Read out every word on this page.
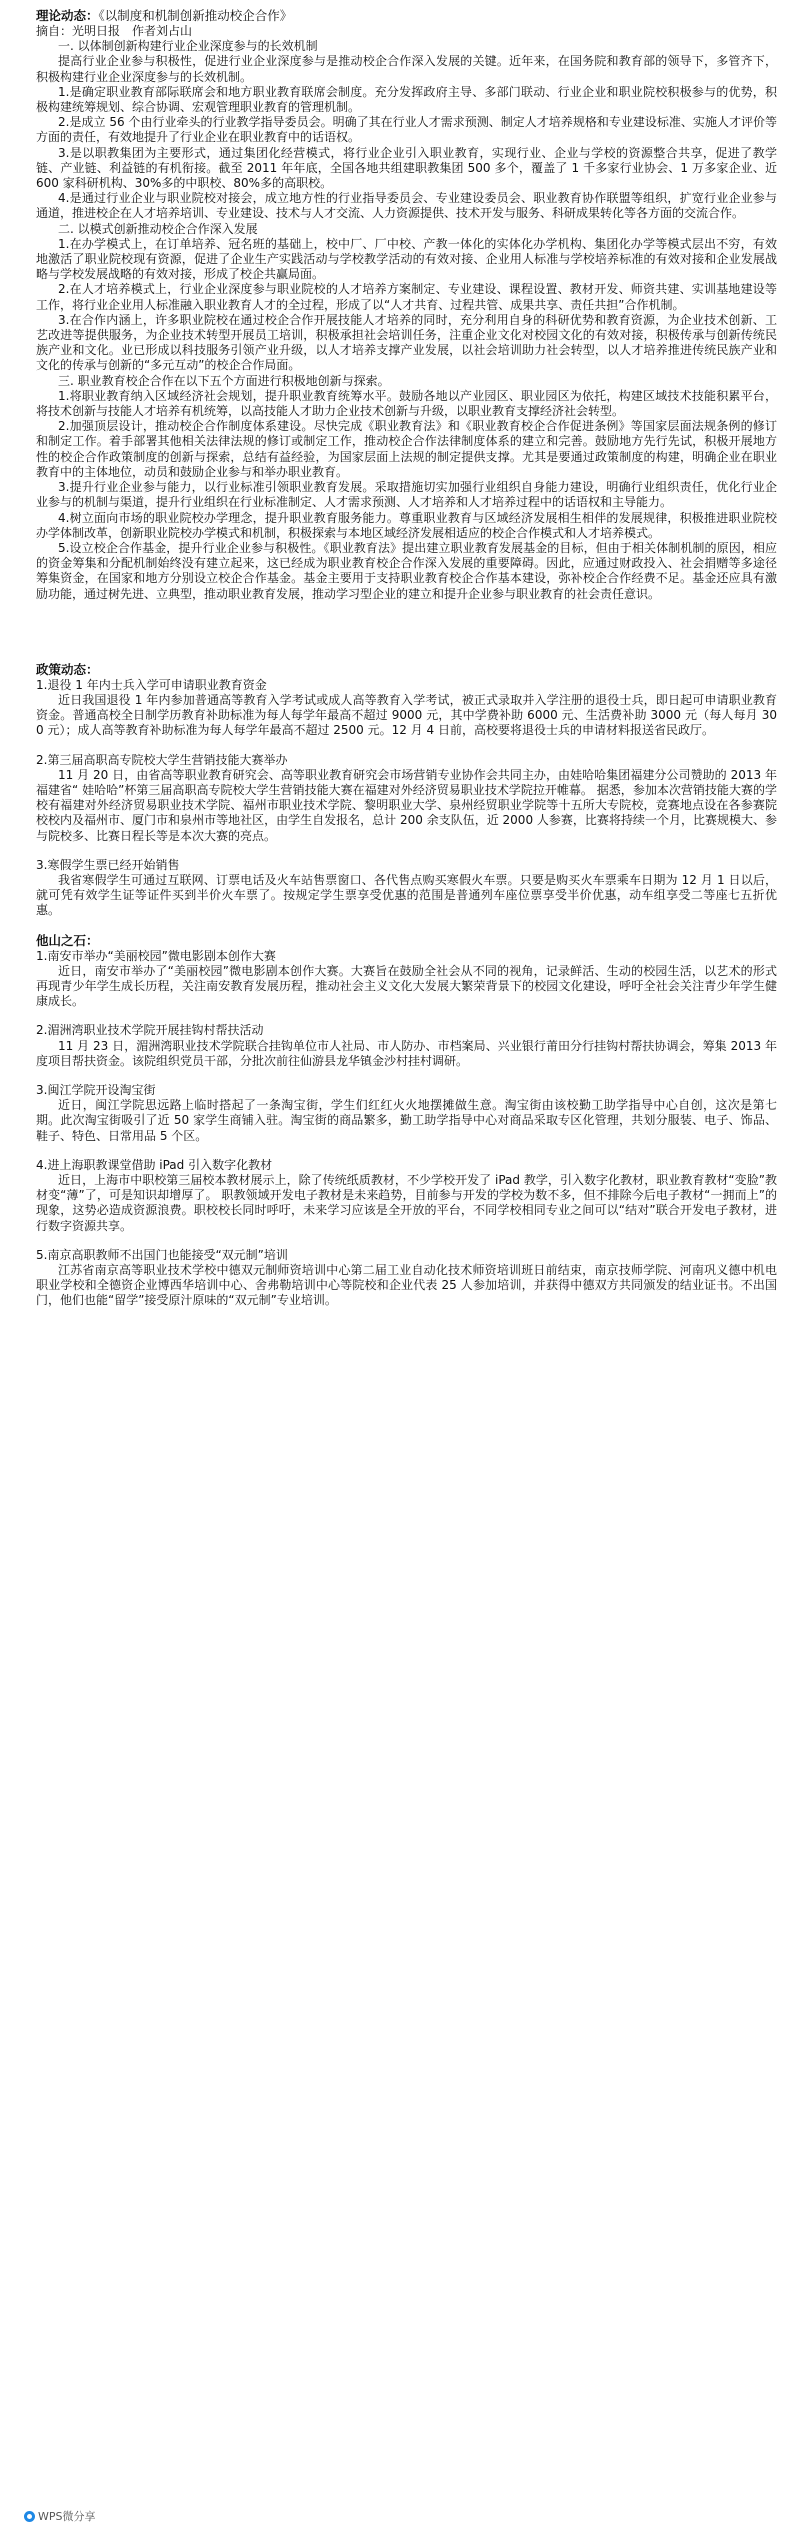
理论动态：《以制度和机制创新推动校企合作》

摘自：光明日报　作者刘占山

一. 以体制创新构建行业企业深度参与的长效机制

提高行业企业参与积极性，促进行业企业深度参与是推动校企合作深入发展的关键。近年来，在国务院和教育部的领导下，多管齐下，积极构建行业企业深度参与的长效机制。

1.是确定职业教育部际联席会和地方职业教育联席会制度。充分发挥政府主导、多部门联动、行业企业和职业院校积极参与的优势，积极构建统筹规划、综合协调、宏观管理职业教育的管理机制。

2.是成立 56 个由行业牵头的行业教学指导委员会。明确了其在行业人才需求预测、制定人才培养规格和专业建设标准、实施人才评价等方面的责任，有效地提升了行业企业在职业教育中的话语权。

3.是以职教集团为主要形式，通过集团化经营模式，将行业企业引入职业教育，实现行业、企业与学校的资源整合共享，促进了教学链、产业链、利益链的有机衔接。截至 2011 年年底，全国各地共组建职教集团 500 多个，覆盖了 1 千多家行业协会、1 万多家企业、近 600 家科研机构、30%多的中职校、80%多的高职校。

4.是通过行业企业与职业院校对接会，成立地方性的行业指导委员会、专业建设委员会、职业教育协作联盟等组织，扩宽行业企业参与通道，推进校企在人才培养培训、专业建设、技术与人才交流、人力资源提供、技术开发与服务、科研成果转化等各方面的交流合作。

二. 以模式创新推动校企合作深入发展

1.在办学模式上，在订单培养、冠名班的基础上，校中厂、厂中校、产教一体化的实体化办学机构、集团化办学等模式层出不穷，有效地激活了职业院校现有资源，促进了企业生产实践活动与学校教学活动的有效对接、企业用人标准与学校培养标准的有效对接和企业发展战略与学校发展战略的有效对接，形成了校企共赢局面。

2.在人才培养模式上，行业企业深度参与职业院校的人才培养方案制定、专业建设、课程设置、教材开发、师资共建、实训基地建设等工作，将行业企业用人标准融入职业教育人才的全过程，形成了以“人才共育、过程共管、成果共享、责任共担”合作机制。

3.在合作内涵上，许多职业院校在通过校企合作开展技能人才培养的同时，充分利用自身的科研优势和教育资源，为企业技术创新、工艺改进等提供服务，为企业技术转型开展员工培训，积极承担社会培训任务，注重企业文化对校园文化的有效对接，积极传承与创新传统民族产业和文化。业已形成以科技服务引领产业升级，以人才培养支撑产业发展，以社会培训助力社会转型，以人才培养推进传统民族产业和文化的传承与创新的“多元互动”的校企合作局面。

三. 职业教育校企合作在以下五个方面进行积极地创新与探索。

1.将职业教育纳入区域经济社会规划，提升职业教育统筹水平。鼓励各地以产业园区、职业园区为依托，构建区域技术技能积累平台，将技术创新与技能人才培养有机统筹，以高技能人才助力企业技术创新与升级，以职业教育支撑经济社会转型。

2.加强顶层设计，推动校企合作制度体系建设。尽快完成《职业教育法》和《职业教育校企合作促进条例》等国家层面法规条例的修订和制定工作。着手部署其他相关法律法规的修订或制定工作，推动校企合作法律制度体系的建立和完善。鼓励地方先行先试，积极开展地方性的校企合作政策制度的创新与探索，总结有益经验，为国家层面上法规的制定提供支撑。尤其是要通过政策制度的构建，明确企业在职业教育中的主体地位，动员和鼓励企业参与和举办职业教育。

3.提升行业企业参与能力，以行业标准引领职业教育发展。采取措施切实加强行业组织自身能力建设，明确行业组织责任，优化行业企业参与的机制与渠道，提升行业组织在行业标准制定、人才需求预测、人才培养和人才培养过程中的话语权和主导能力。

4.树立面向市场的职业院校办学理念，提升职业教育服务能力。尊重职业教育与区域经济发展相生相伴的发展规律，积极推进职业院校办学体制改革，创新职业院校办学模式和机制，积极探索与本地区域经济发展相适应的校企合作模式和人才培养模式。

5.设立校企合作基金，提升行业企业参与积极性。《职业教育法》提出建立职业教育发展基金的目标，但由于相关体制机制的原因，相应的资金筹集和分配机制始终没有建立起来，这已经成为职业教育校企合作深入发展的重要障碍。因此，应通过财政投入、社会捐赠等多途径筹集资金，在国家和地方分别设立校企合作基金。基金主要用于支持职业教育校企合作基本建设，弥补校企合作经费不足。基金还应具有激励功能，通过树先进、立典型，推动职业教育发展，推动学习型企业的建立和提升企业参与职业教育的社会责任意识。

政策动态：

1.退役 1 年内士兵入学可申请职业教育资金

近日我国退役 1 年内参加普通高等教育入学考试或成人高等教育入学考试，被正式录取并入学注册的退役士兵，即日起可申请职业教育资金。普通高校全日制学历教育补助标准为每人每学年最高不超过 9000 元，其中学费补助 6000 元、生活费补助 3000 元（每人每月 300 元）；成人高等教育补助标准为每人每学年最高不超过 2500 元。12 月 4 日前，高校要将退役士兵的申请材料报送省民政厅。

2.第三届高职高专院校大学生营销技能大赛举办

11 月 20 日，由省高等职业教育研究会、高等职业教育研究会市场营销专业协作会共同主办，由娃哈哈集团福建分公司赞助的 2013 年福建省“ 娃哈哈”杯第三届高职高专院校大学生营销技能大赛在福建对外经济贸易职业技术学院拉开帷幕。 据悉，参加本次营销技能大赛的学校有福建对外经济贸易职业技术学院、福州市职业技术学院、黎明职业大学、泉州经贸职业学院等十五所大专院校，竞赛地点设在各参赛院校校内及福州市、厦门市和泉州市等地社区，由学生自发报名，总计 200 余支队伍，近 2000 人参赛，比赛将持续一个月，比赛规模大、参与院校多、比赛日程长等是本次大赛的亮点。

3.寒假学生票已经开始销售

我省寒假学生可通过互联网、订票电话及火车站售票窗口、各代售点购买寒假火车票。只要是购买火车票乘车日期为 12 月 1 日以后，就可凭有效学生证等证件买到半价火车票了。按规定学生票享受优惠的范围是普通列车座位票享受半价优惠，动车组享受二等座七五折优惠。

他山之石：

1.南安市举办“美丽校园”微电影剧本创作大赛

近日，南安市举办了“美丽校园”微电影剧本创作大赛。大赛旨在鼓励全社会从不同的视角，记录鲜活、生动的校园生活，以艺术的形式再现青少年学生成长历程，关注南安教育发展历程，推动社会主义文化大发展大繁荣背景下的校园文化建设，呼吁全社会关注青少年学生健康成长。

2.湄洲湾职业技术学院开展挂钩村帮扶活动

11 月 23 日，湄洲湾职业技术学院联合挂钩单位市人社局、市人防办、市档案局、兴业银行莆田分行挂钩村帮扶协调会，筹集 2013 年度项目帮扶资金。该院组织党员干部，分批次前往仙游县龙华镇金沙村挂村调研。

3.闽江学院开设淘宝街

近日，闽江学院思远路上临时搭起了一条淘宝街，学生们红红火火地摆摊做生意。淘宝街由该校勤工助学指导中心自创，这次是第七期。此次淘宝街吸引了近 50 家学生商铺入驻。淘宝街的商品繁多，勤工助学指导中心对商品采取专区化管理，共划分服装、电子、饰品、鞋子、特色、日常用品 5 个区。

4.进上海职教课堂借助 iPad 引入数字化教材

近日，上海市中职校第三届校本教材展示上，除了传统纸质教材，不少学校开发了 iPad 教学，引入数字化教材，职业教育教材“变脸”教材变“薄”了，可是知识却增厚了。 职教领域开发电子教材是未来趋势，目前参与开发的学校为数不多，但不排除今后电子教材“一拥而上”的现象，这势必造成资源浪费。职校校长同时呼吁，未来学习应该是全开放的平台，不同学校相同专业之间可以“结对”联合开发电子教材，进行数字资源共享。

5.南京高职教师不出国门也能接受“双元制”培训

江苏省南京高等职业技术学校中德双元制师资培训中心第二届工业自动化技术师资培训班日前结束，南京技师学院、河南巩义德中机电职业学校和全德资企业博西华培训中心、舍弗勒培训中心等院校和企业代表 25 人参加培训，并获得中德双方共同颁发的结业证书。不出国门，他们也能“留学”接受原汁原味的“双元制”专业培训。

WPS微分享
